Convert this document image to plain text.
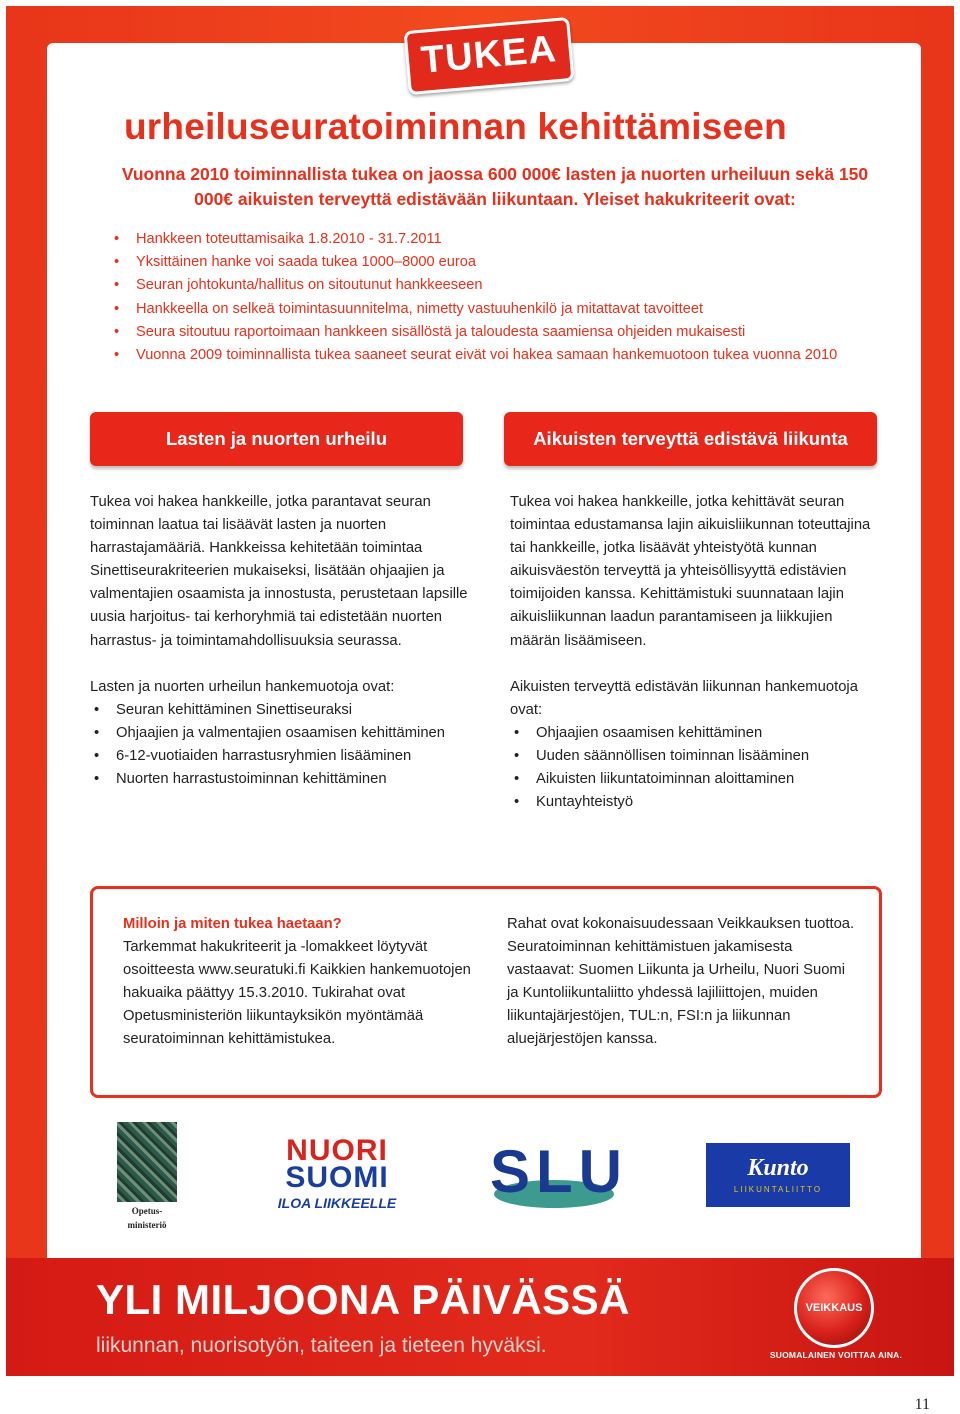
TUKEA
urheiluseuratoiminnan kehittämiseen
Vuonna 2010 toiminnallista tukea on jaossa 600 000€ lasten ja nuorten urheiluun sekä 150 000€ aikuisten terveyttä edistävään liikuntaan. Yleiset hakukriteerit ovat:
• Hankkeen toteuttamisaika 1.8.2010 - 31.7.2011
• Yksittäinen hanke voi saada tukea 1000–8000 euroa
• Seuran johtokunta/hallitus on sitoutunut hankkeeseen
• Hankkeella on selkeä toimintasuunnitelma, nimetty vastuuhenkilö ja mitattavat tavoitteet
• Seura sitoutuu raportoimaan hankkeen sisällöstä ja taloudesta saamiensa ohjeiden mukaisesti
• Vuonna 2009 toiminnallista tukea saaneet seurat eivät voi hakea samaan hankemuotoon tukea vuonna 2010
Lasten ja nuorten urheilu	Aikuisten terveyttä edistävä liikunta

Tukea voi hakea hankkeille, jotka parantavat seuran toiminnan laatua tai lisäävät lasten ja nuorten harrastajamääriä. Hankkeissa kehitetään toimintaa Sinettiseurakriteerien mukaiseksi, lisätään ohjaajien ja valmentajien osaamista ja innostusta, perustetaan lapsille uusia harjoitus- tai kerhoryhmiä tai edistetään nuorten harrastus- ja toimintamahdollisuuksia seurassa.

Lasten ja nuorten urheilun hankemuotoja ovat:

• Seuran kehittäminen Sinettiseuraksi
• Ohjaajien ja valmentajien osaamisen kehittäminen
• 6-12-vuotiaiden harrastusryhmien lisääminen
• Nuorten harrastustoiminnan kehittäminen

Tukea voi hakea hankkeille, jotka kehittävät seuran toimintaa edustamansa lajin aikuisliikunnan toteuttajina tai hankkeille, jotka lisäävät yhteistyötä kunnan aikuisväestön terveyttä ja yhteisöllisyyttä edistävien toimijoiden kanssa. Kehittämistuki suunnataan lajin aikuisliikunnan laadun parantamiseen ja liikkujien määrän lisäämiseen.

Aikuisten terveyttä edistävän liikunnan hankemuotoja ovat:

• Ohjaajien osaamisen kehittäminen
• Uuden säännöllisen toiminnan lisääminen
• Aikuisten liikuntatoiminnan aloittaminen
• Kuntayhteistyö
Milloin ja miten tukea haetaan?
Tarkemmat hakukriteerit ja -lomakkeet löytyvät osoitteesta www.seuratuki.fi Kaikkien hankemuotojen hakuaika päättyy 15.3.2010. Tukirahat ovat Opetusministeriön liikuntayksikön myöntämää seuratoiminnan kehittämistukea.
Rahat ovat kokonaisuudessaan Veikkauksen tuottoa. Seuratoiminnan kehittämistuen jakamisesta vastaavat: Suomen Liikunta ja Urheilu, Nuori Suomi ja Kuntoliikuntaliitto yhdessä lajiliittojen, muiden liikuntajärjestöjen, TUL:n, FSI:n ja liikunnan aluejärjestöjen kanssa.
Opetus-
ministeriö
NUORI
SUOMI
ILOA LIIKKEELLE SLU	Kunto
LIIKUNTALIITTO
YLI MILJOONA PÄIVÄSSÄ
liikunnan, nuorisotyön, taiteen ja tieteen hyväksi.
VEIKKAUS
SUOMALAINEN VOITTAA AINA.
11
